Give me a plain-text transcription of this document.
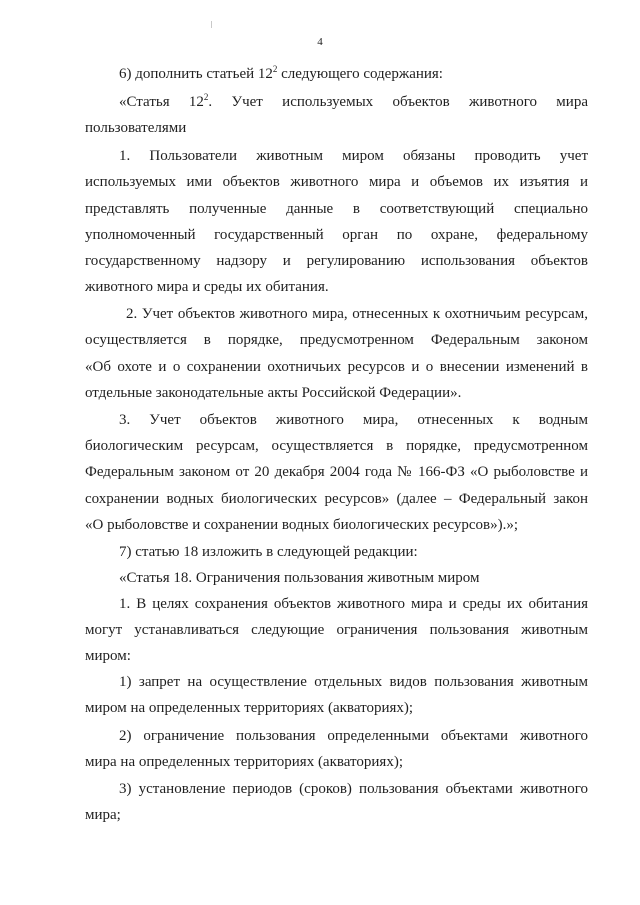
4
6) дополнить статьей $12^2$ следующего содержания:
«Статья $12^2$. Учет используемых объектов животного мира
пользователями
1. Пользователи животным миром обязаны проводить учет
используемых ими объектов животного мира и объемов их изъятия и
представлять полученные данные в соответствующий специально
уполномоченный государственный орган по охране, федеральному
государственному надзору и регулированию использования объектов
животного мира и среды их обитания.
2. Учет объектов животного мира, отнесенных к охотничьим ресурсам,
осуществляется в порядке, предусмотренном Федеральным законом
«Об охоте и о сохранении охотничьих ресурсов и о внесении изменений в
отдельные законодательные акты Российской Федерации».
3. Учет объектов животного мира, отнесенных к водным
биологическим ресурсам, осуществляется в порядке, предусмотренном
Федеральным законом от 20 декабря 2004 года № 166-ФЗ «О рыболовстве и
сохранении водных биологических ресурсов» (далее – Федеральный закон
«О рыболовстве и сохранении водных биологических ресурсов»).»;
7) статью 18 изложить в следующей редакции:
«Статья 18. Ограничения пользования животным миром
1. В целях сохранения объектов животного мира и среды их обитания
могут устанавливаться следующие ограничения пользования животным
миром:
1) запрет на осуществление отдельных видов пользования животным
миром на определенных территориях (акваториях);
2) ограничение пользования определенными объектами животного
мира на определенных территориях (акваториях);
3) установление периодов (сроков) пользования объектами животного
мира;
